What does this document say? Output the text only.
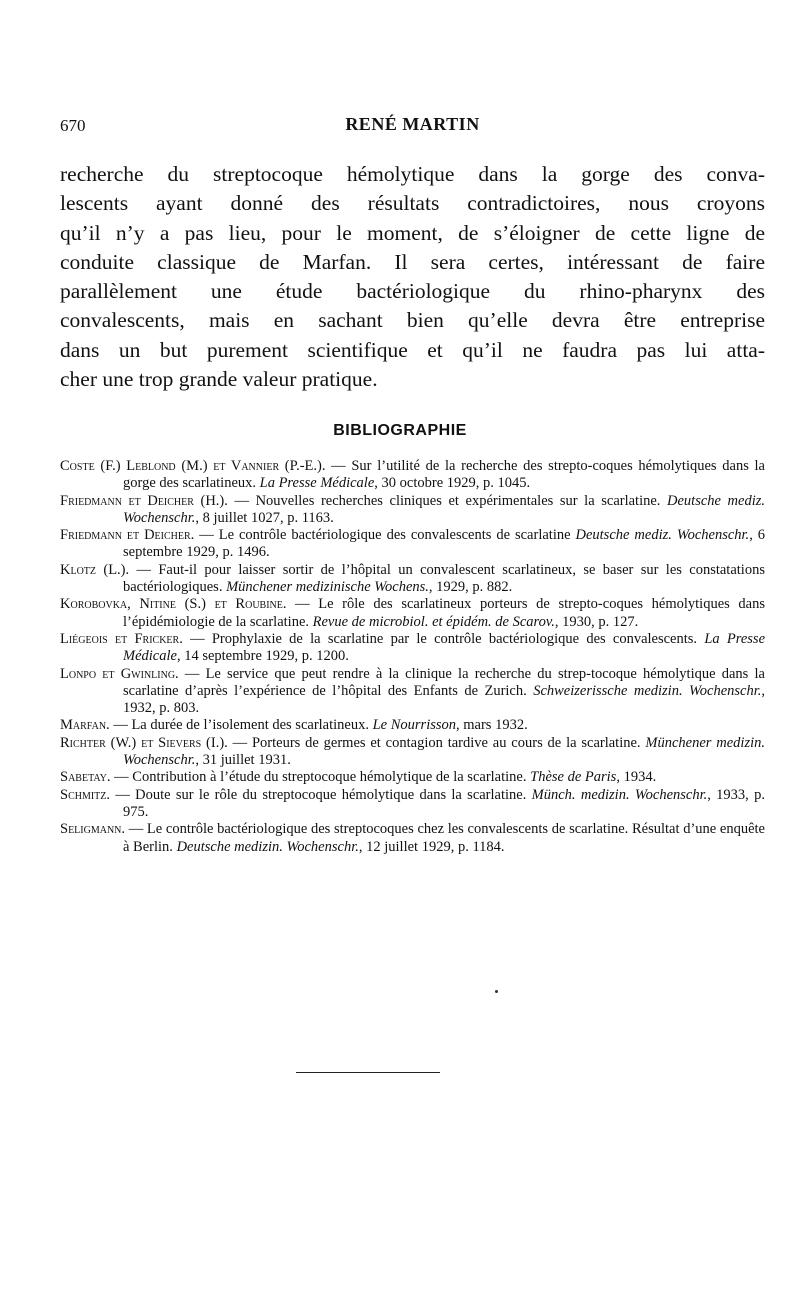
670	RENÉ MARTIN
recherche du streptocoque hémolytique dans la gorge des conva-
lescents ayant donné des résultats contradictoires, nous croyons
qu’il n’y a pas lieu, pour le moment, de s’éloigner de cette ligne de
conduite classique de Marfan. Il sera certes, intéressant de faire
parallèlement une étude bactériologique du rhino-pharynx des
convalescents, mais en sachant bien qu’elle devra être entreprise
dans un but purement scientifique et qu’il ne faudra pas lui atta-
cher une trop grande valeur pratique.
BIBLIOGRAPHIE

Coste (F.) Leblond (M.) et Vannier (P.-E.). — Sur l’utilité de la recherche des strepto-coques hémolytiques dans la gorge des scarlatineux. La Presse Médicale, 30 octobre 1929, p. 1045.

Friedmann et Deicher (H.). — Nouvelles recherches cliniques et expérimentales sur la scarlatine. Deutsche mediz. Wochenschr., 8 juillet 1027, p. 1163.

Friedmann et Deicher. — Le contrôle bactériologique des convalescents de scarlatine Deutsche mediz. Wochenschr., 6 septembre 1929, p. 1496.

Klotz (L.). — Faut-il pour laisser sortir de l’hôpital un convalescent scarlatineux, se baser sur les constatations bactériologiques. Münchener medizinische Wochens., 1929, p. 882.

Korobovka, Nitine (S.) et Roubine. — Le rôle des scarlatineux porteurs de strepto-coques hémolytiques dans l’épidémiologie de la scarlatine. Revue de microbiol. et épidém. de Scarov., 1930, p. 127.

Liégeois et Fricker. — Prophylaxie de la scarlatine par le contrôle bactériologique des convalescents. La Presse Médicale, 14 septembre 1929, p. 1200.

Lonpo et Gwinling. — Le service que peut rendre à la clinique la recherche du strep-tocoque hémolytique dans la scarlatine d’après l’expérience de l’hôpital des Enfants de Zurich. Schweizerissche medizin. Wochenschr., 1932, p. 803.

Marfan. — La durée de l’isolement des scarlatineux. Le Nourrisson, mars 1932.

Richter (W.) et Sievers (I.). — Porteurs de germes et contagion tardive au cours de la scarlatine. Münchener medizin. Wochenschr., 31 juillet 1931.

Sabetay. — Contribution à l’étude du streptocoque hémolytique de la scarlatine. Thèse de Paris, 1934.

Schmitz. — Doute sur le rôle du streptocoque hémolytique dans la scarlatine. Münch. medizin. Wochenschr., 1933, p. 975.

Seligmann. — Le contrôle bactériologique des streptocoques chez les convalescents de scarlatine. Résultat d’une enquête à Berlin. Deutsche medizin. Wochenschr., 12 juillet 1929, p. 1184.
